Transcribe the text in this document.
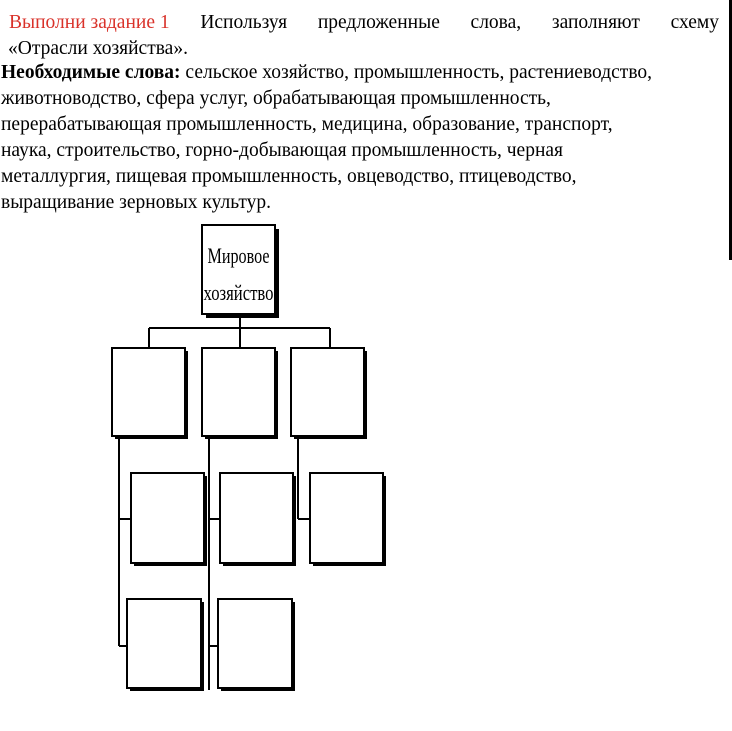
Выполни задание 1 Используя предложенные слова, заполняют схему
«Отрасли хозяйства».
Необходимые слова: сельское хозяйство, промышленность, растениеводство,
животноводство, сфера услуг, обрабатывающая промышленность,
перерабатывающая промышленность, медицина, образование, транспорт,
наука, строительство, горно-добывающая промышленность, черная
металлургия, пищевая промышленность, овцеводство, птицеводство,
выращивание зерновых культур.
Мировое
хозяйство
